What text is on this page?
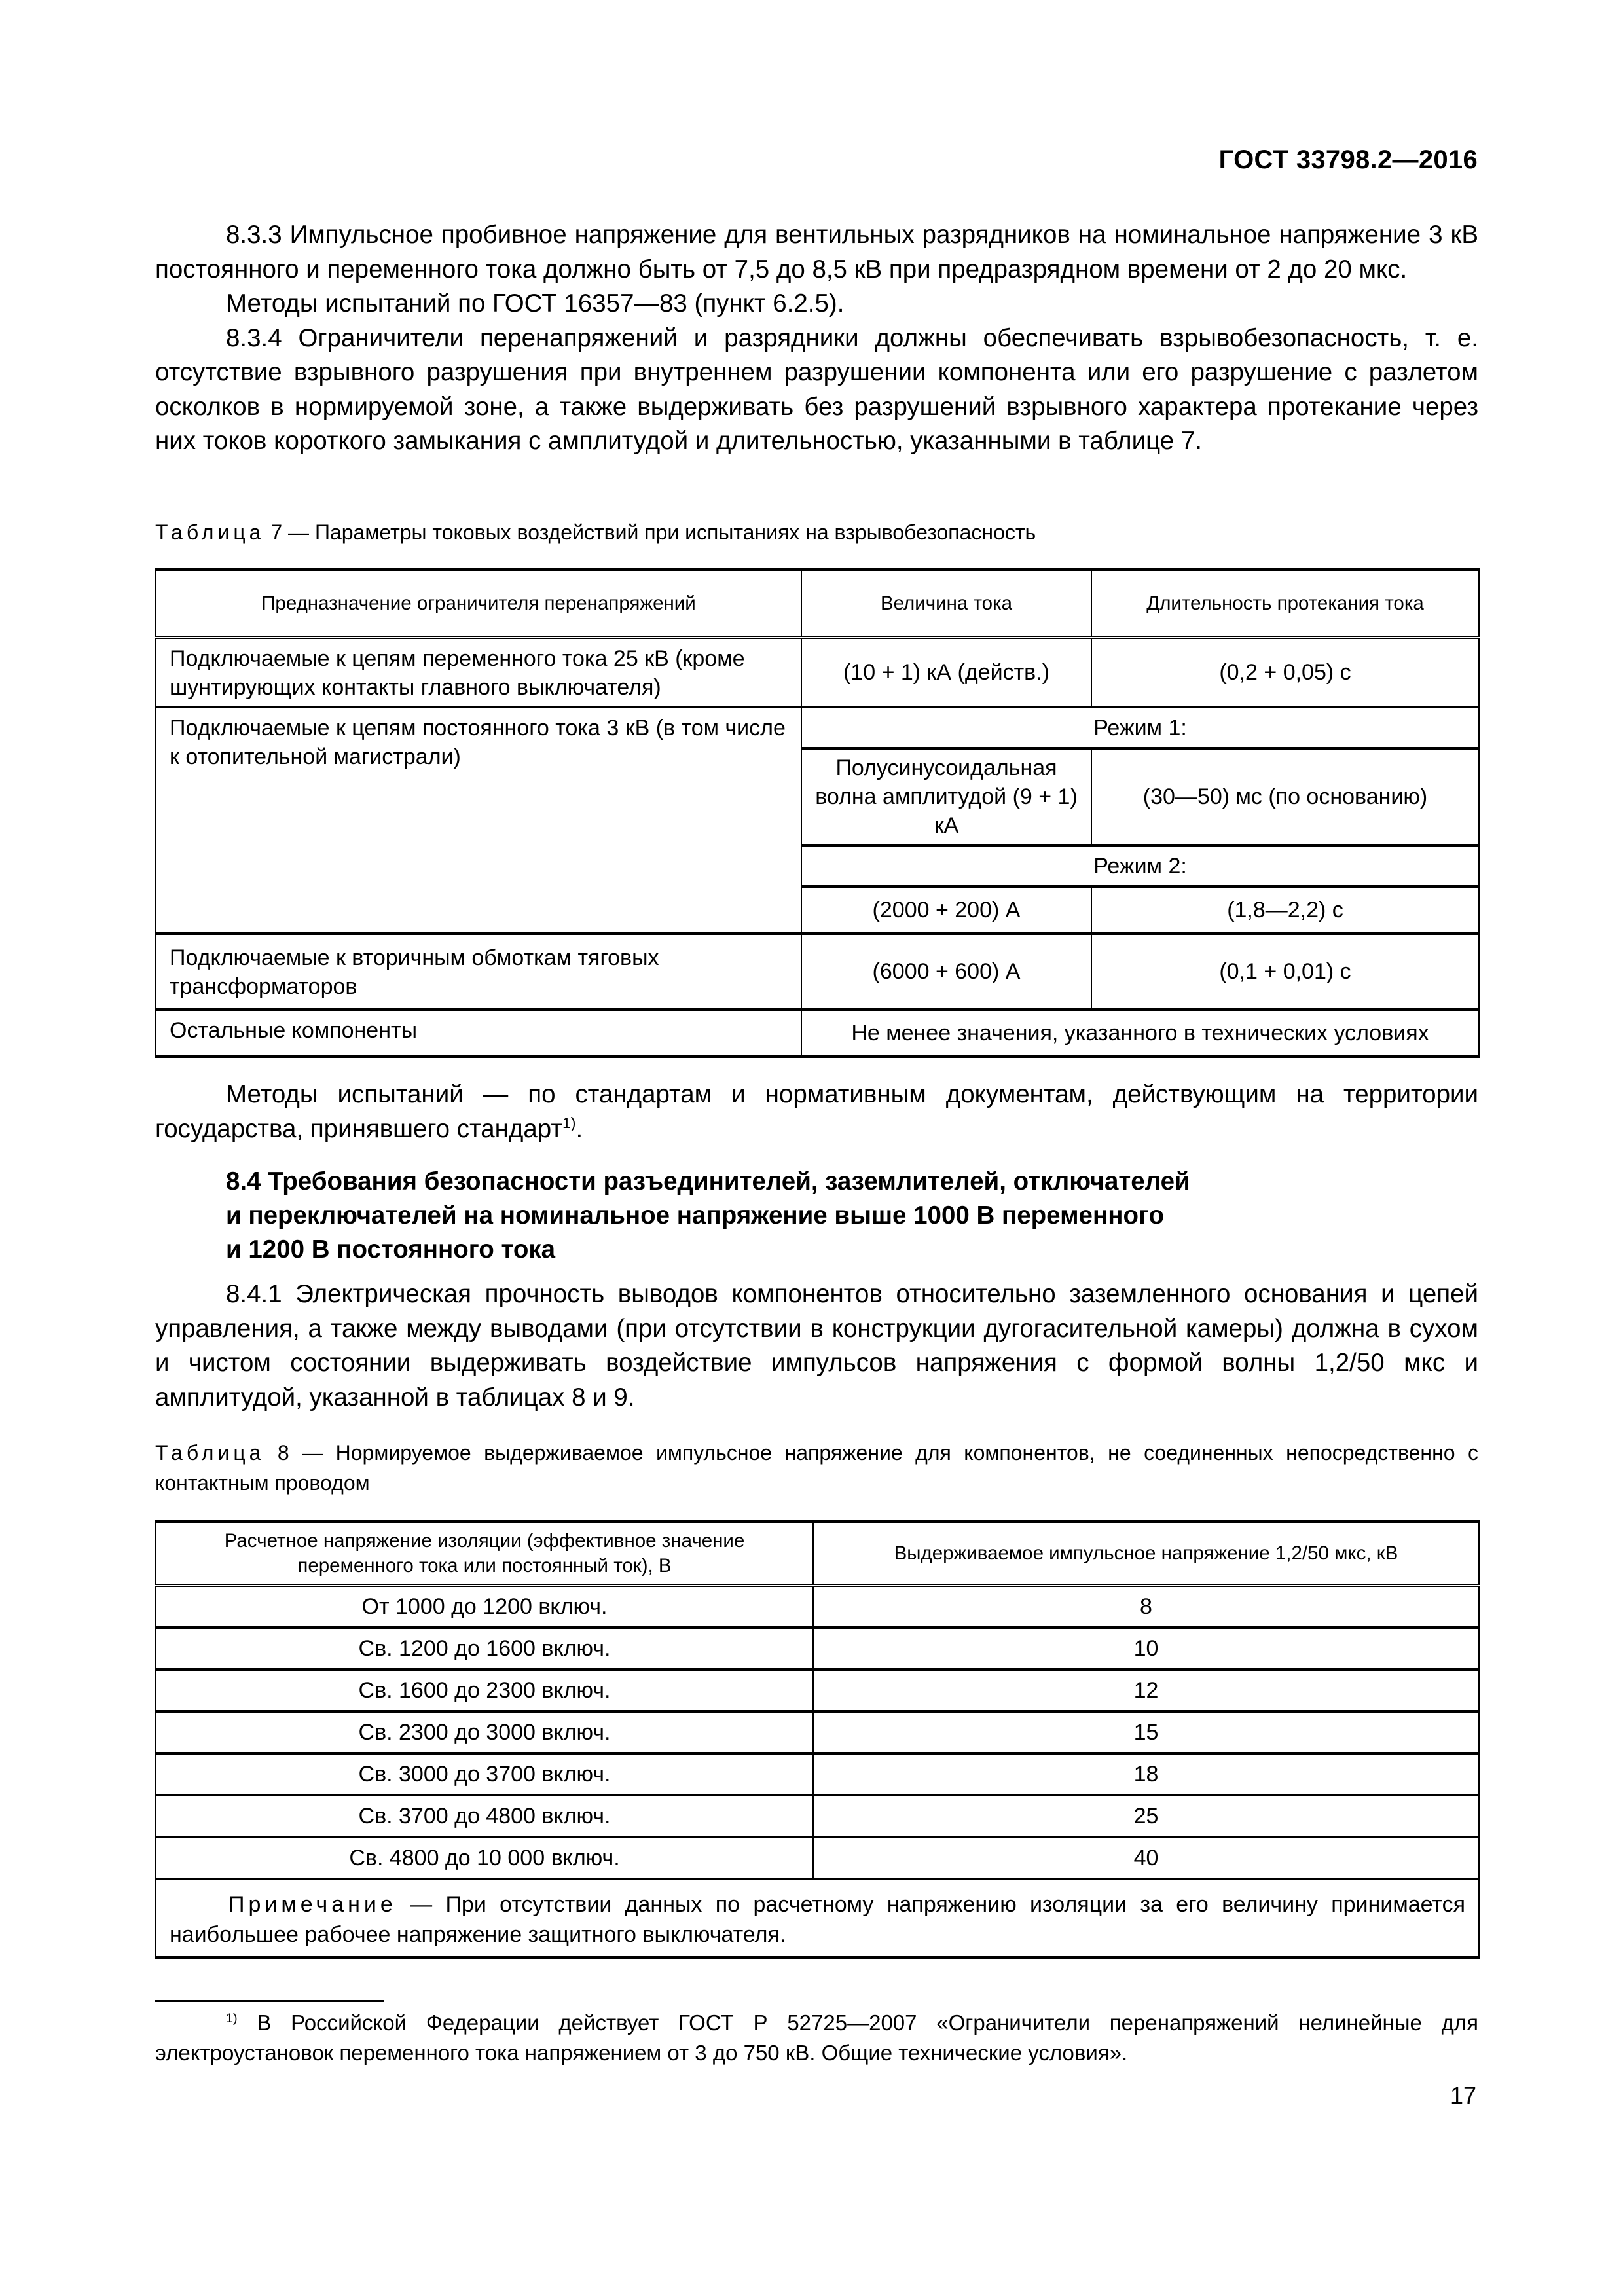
ГОСТ 33798.2—2016

8.3.3 Импульсное пробивное напряжение для вентильных разрядников на номинальное напряжение 3 кВ постоянного и переменного тока должно быть от 7,5 до 8,5 кВ при предразрядном времени от 2 до 20 мкс.

Методы испытаний по ГОСТ 16357—83 (пункт 6.2.5).

8.3.4 Ограничители перенапряжений и разрядники должны обеспечивать взрывобезопасность, т. е. отсутствие взрывного разрушения при внутреннем разрушении компонента или его разрушение с разлетом осколков в нормируемой зоне, а также выдерживать без разрушений взрывного характера протекание через них токов короткого замыкания с амплитудой и длительностью, указанными в таблице 7.

Таблица 7 — Параметры токовых воздействий при испытаниях на взрывобезопасность
Предназначение ограничителя перенапряжений	Величина тока	Длительность протекания тока
Подключаемые к цепям переменного тока 25 кВ (кроме шунтирующих контакты главного выключателя)	(10 + 1) кА (действ.)	(0,2 + 0,05) с
Подключаемые к цепям постоянного тока 3 кВ (в том числе к отопительной магистрали)	Режим 1:	
	Полусинусоидальная волна амплитудой (9 + 1) кА	(30—50) мс (по основанию)
	Режим 2:	
	(2000 + 200) А	(1,8—2,2) с
Подключаемые к вторичным обмоткам тяговых трансформаторов	(6000 + 600) А	(0,1 + 0,01) с
Остальные компоненты	Не менее значения, указанного в технических условиях	

Методы испытаний — по стандартам и нормативным документам, действующим на территории государства, принявшего стандарт$^{1)}$.

8.4 Требования безопасности разъединителей, заземлителей, отключателей
и переключателей на номинальное напряжение выше 1000 В переменного
и 1200 В постоянного тока

8.4.1 Электрическая прочность выводов компонентов относительно заземленного основания и цепей управления, а также между выводами (при отсутствии в конструкции дугогасительной камеры) должна в сухом и чистом состоянии выдерживать воздействие импульсов напряжения с формой волны 1,2/50 мкс и амплитудой, указанной в таблицах 8 и 9.

Таблица 8 — Нормируемое выдерживаемое импульсное напряжение для компонентов, не соединенных непосредственно с контактным проводом
Расчетное напряжение изоляции (эффективное значение переменного тока или постоянный ток), В	Выдерживаемое импульсное напряжение 1,2/50 мкс, кВ
От 1000 до 1200 включ.	8
Св. 1200 до 1600 включ.	10
Св. 1600 до 2300 включ.	12
Св. 2300 до 3000 включ.	15
Св. 3000 до 3700 включ.	18
Св. 3700 до 4800 включ.	25
Св. 4800 до 10 000 включ.	40
Примечание — При отсутствии данных по расчетному напряжению изоляции за его величину принимается наибольшее рабочее напряжение защитного выключателя.	
$^{1)}$ В Российской Федерации действует ГОСТ Р 52725—2007 «Ограничители перенапряжений нелинейные для электроустановок переменного тока напряжением от 3 до 750 кВ. Общие технические условия».
17
